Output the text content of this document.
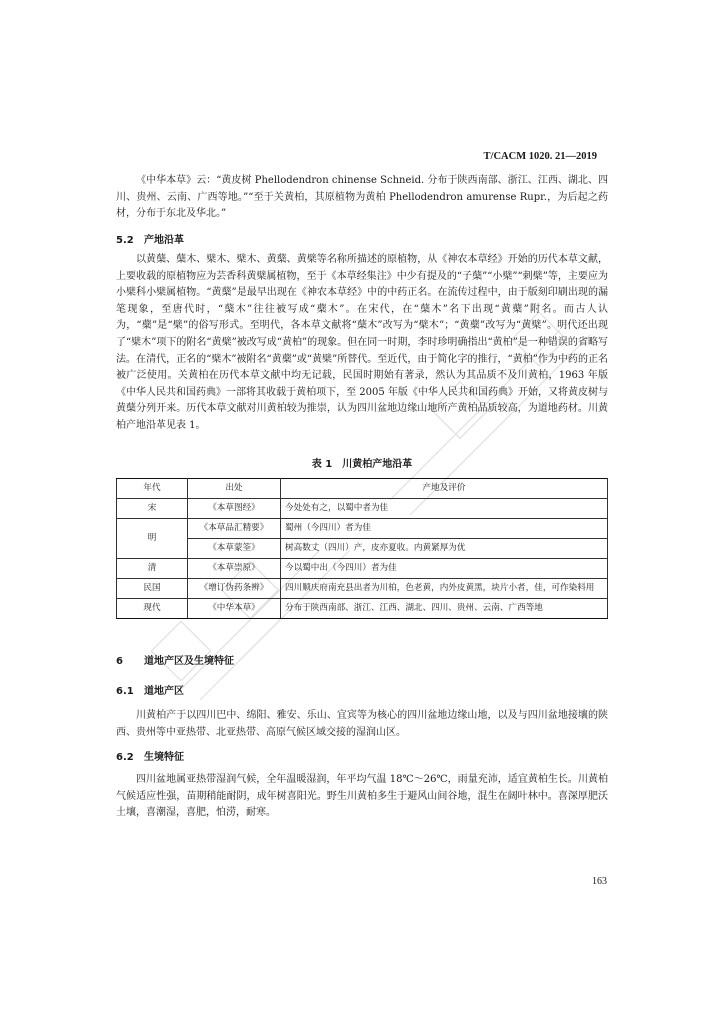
T/CACM 1020. 21—2019

《中华本草》云：“黄皮树 Phellodendron chinense Schneid. 分布于陕西南部、浙江、江西、湖北、四川、贵州、云南、广西等地。”“至于关黄柏，其原植物为黄柏 Phellodendron amurense Rupr.，为后起之药材，分布于东北及华北。”

5.2 产地沿革

以黄蘖、蘖木、檗木、檗木、黄蘖、黄檗等名称所描述的原植物，从《神农本草经》开始的历代本草文献，上要收载的原植物应为芸香科黄檗属植物，至于《本草经集注》中少有提及的“子蘖”“小檗”“刺檗”等，主要应为小檗科小檗属植物。“黄蘖”是最早出现在《神农本草经》中的中药正名。在流传过程中，由于版刻印刷出现的漏笔现象，至唐代时，“蘖木”往往被写成“蘗木”。在宋代，在“蘖木”名下出现“黄蘗”附名。而古人认为，“蘗”是“檗”的俗写形式。至明代，各本草文献将“蘖木”改写为“檗木”；“黄蘗”改写为“黄檗”。明代还出现了“檗木”项下的附名“黄檗”被改写成“黄柏”的现象。但在同一时期，李时珍明确指出“黄柏”是一种错误的省略写法。在清代，正名的“檗木”被附名“黄蘗”或“黄檗”所替代。至近代，由于简化字的推行，“黄柏”作为中药的正名被广泛使用。关黄柏在历代本草文献中均无记载，民国时期始有著录，然认为其品质不及川黄柏，1963 年版《中华人民共和国药典》一部将其收载于黄柏项下，至 2005 年版《中华人民共和国药典》开始，又将黄皮树与黄蘖分列开来。历代本草文献对川黄柏较为推崇，认为四川盆地边缘山地所产黄柏品质较高，为道地药材。川黄柏产地沿革见表 1。

表 1　川黄柏产地沿革
年代	出处	产地及评价
宋	《本草图经》	今处处有之，以蜀中者为佳
明	《本草品汇精要》	蜀州（今四川）者为佳
	《本草蒙筌》	树高数丈（四川）产，皮亦夏收。内黄紧厚为优
清	《本草崇原》	今以蜀中出（今四川）者为佳
民国	《增订伪药条辨》	四川顺庆府南充县出者为川柏，色老黄，内外皮黄黑，块片小者，佳，可作染料用
现代	《中华本草》	分布于陕西南部、浙江、江西、湖北、四川、贵州、云南、广西等地
6 道地产区及生境特征
6.1 道地产区

川黄柏产于以四川巴中、绵阳、雅安、乐山、宜宾等为核心的四川盆地边缘山地，以及与四川盆地接壤的陕西、贵州等中亚热带、北亚热带、高原气候区域交接的湿润山区。

6.2 生境特征

四川盆地属亚热带湿润气候，全年温暖湿润，年平均气温 18℃～26℃，雨量充沛，适宜黄柏生长。川黄柏气候适应性强，苗期稍能耐阴，成年树喜阳光。野生川黄柏多生于避风山间谷地，混生在阔叶林中。喜深厚肥沃土壤，喜潮湿，喜肥，怕涝，耐寒。

163
